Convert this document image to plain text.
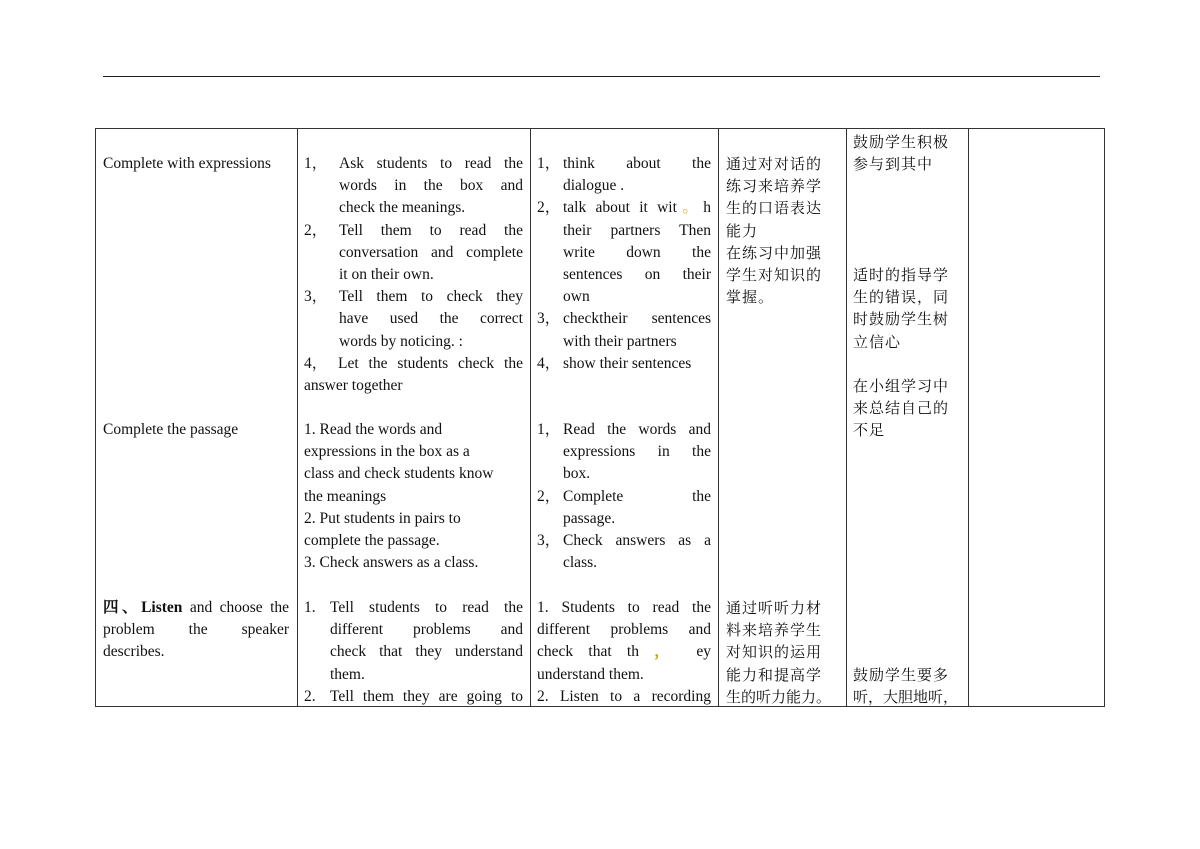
Complete with expressions
Complete the passage
四、Listen and choose the
problem the speaker
describes.
1， Ask students to read the
words in the box and
check the meanings.
2， Tell them to read the
conversation and complete
it on their own.
3， Tell them to check they
have used the correct
words by noticing. :
4， Let the students check the
answer together
1， think about the
dialogue .
2， talk about it wit。h
their partners Then
write down the
sentences on their
own
3， checktheir sentences
with their partners
4， show their sentences
通过对对话的
练习来培养学
生的口语表达
能力
在练习中加强
学生对知识的
掌握。
鼓励学生积极
参与到其中
适时的指导学
生的错误，同
时鼓励学生树
立信心
在小组学习中
来总结自己的
不足
1. Read the words and
expressions in the box as a
class and check students know
the meanings
2. Put students in pairs to
complete the passage.
3. Check answers as a class.
1， Read the words and
expressions in the
box.
2， Complete the
passage.
3， Check answers as a
class.
1. Tell students to read the
different problems and
check that they understand
them.
2. Tell them they are going to
1. Students to read the
different problems and
check that th ， ey
understand them.
2. Listen to a recording
通过听听力材
料来培养学生
对知识的运用
能力和提高学
生的听力能力。
鼓励学生要多
听，大胆地听，
